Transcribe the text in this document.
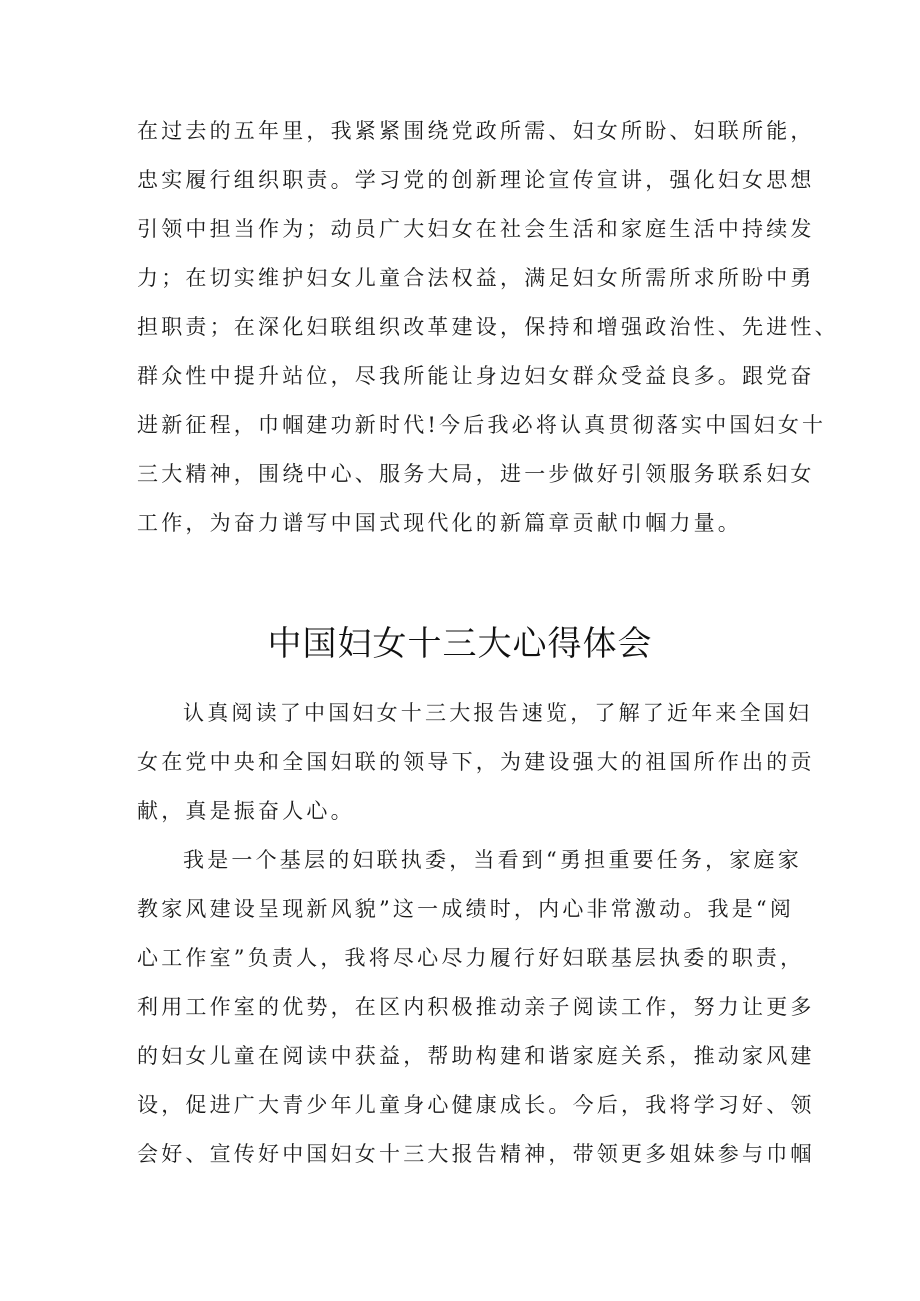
在过去的五年里，我紧紧围绕党政所需、妇女所盼、妇联所能，
忠实履行组织职责。学习党的创新理论宣传宣讲，强化妇女思想
引领中担当作为；动员广大妇女在社会生活和家庭生活中持续发
力；在切实维护妇女儿童合法权益，满足妇女所需所求所盼中勇
担职责；在深化妇联组织改革建设，保持和增强政治性、先进性、
群众性中提升站位，尽我所能让身边妇女群众受益良多。跟党奋
进新征程，巾帼建功新时代!今后我必将认真贯彻落实中国妇女十
三大精神，围绕中心、服务大局，进一步做好引领服务联系妇女
工作，为奋力谱写中国式现代化的新篇章贡献巾帼力量。
中国妇女十三大心得体会
认真阅读了中国妇女十三大报告速览，了解了近年来全国妇
女在党中央和全国妇联的领导下，为建设强大的祖国所作出的贡
献，真是振奋人心。
我是一个基层的妇联执委，当看到“勇担重要任务，家庭家
教家风建设呈现新风貌”这一成绩时，内心非常激动。我是“阅
心工作室”负责人，我将尽心尽力履行好妇联基层执委的职责，
利用工作室的优势，在区内积极推动亲子阅读工作，努力让更多
的妇女儿童在阅读中获益，帮助构建和谐家庭关系，推动家风建
设，促进广大青少年儿童身心健康成长。今后，我将学习好、领
会好、宣传好中国妇女十三大报告精神，带领更多姐妹参与巾帼
